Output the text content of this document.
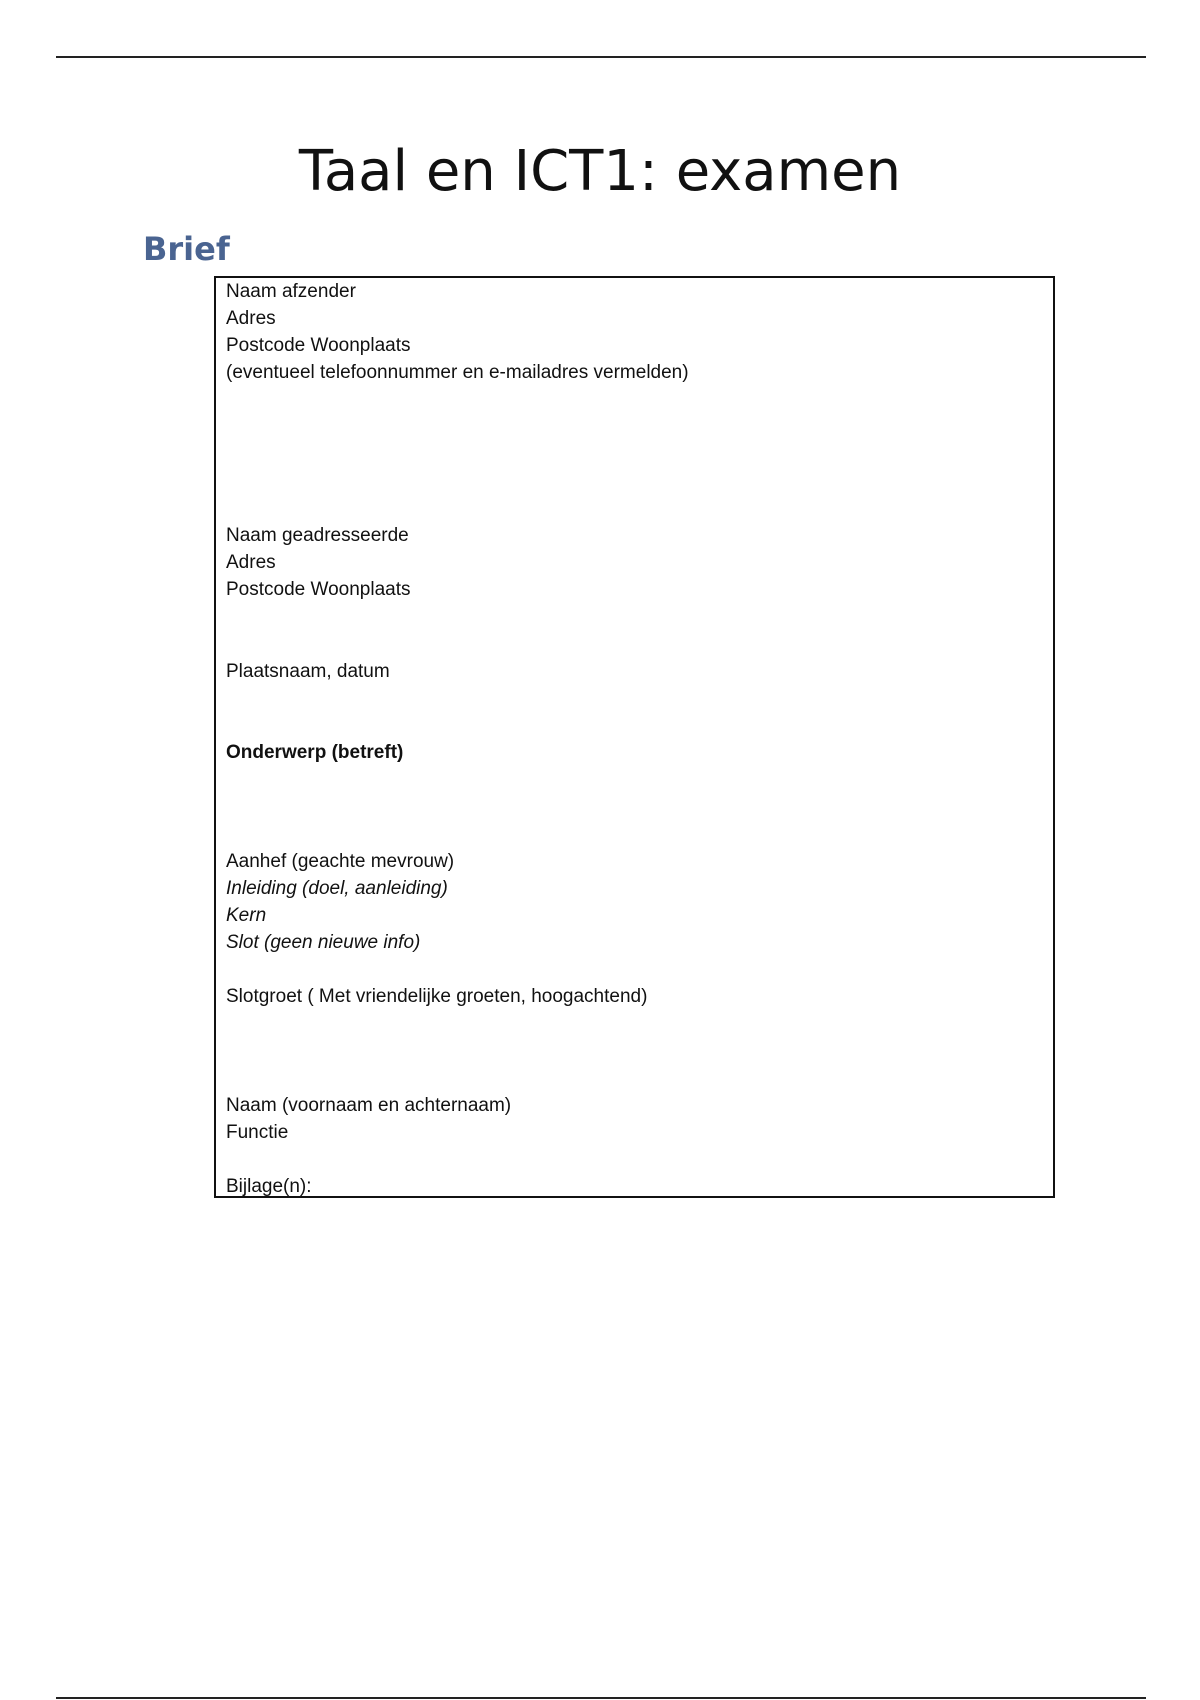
Taal en ICT1: examen
Brief
Naam afzender
Adres
Postcode Woonplaats
(eventueel telefoonnummer en e-mailadres vermelden)
Naam geadresseerde
Adres
Postcode Woonplaats
Plaatsnaam, datum
Onderwerp (betreft)
Aanhef (geachte mevrouw)
Inleiding (doel, aanleiding)
Kern
Slot (geen nieuwe info)
Slotgroet ( Met vriendelijke groeten, hoogachtend)
Naam (voornaam en achternaam)
Functie
Bijlage(n):
